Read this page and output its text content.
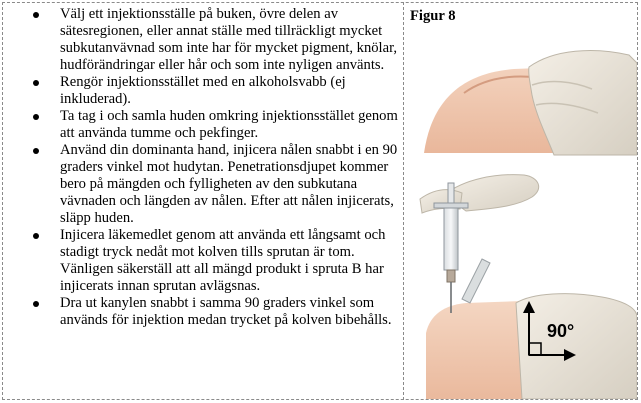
Välj ett injektionsställe på buken, övre delen av sätesregionen, eller annat ställe med tillräckligt mycket subkutanvävnad som inte har för mycket pigment, knölar, hudförändringar eller hår och som inte nyligen använts.
Rengör injektionsstället med en alkoholsvabb (ej inkluderad).
Ta tag i och samla huden omkring injektionsstället genom att använda tumme och pekfinger.
Använd din dominanta hand, injicera nålen snabbt i en 90 graders vinkel mot hudytan. Penetrationsdjupet kommer bero på mängden och fylligheten av den subkutana vävnaden och längden av nålen. Efter att nålen injicerats, släpp huden.
Injicera läkemedlet genom att använda ett långsamt och stadigt tryck nedåt mot kolven tills sprutan är tom. Vänligen säkerställ att all mängd produkt i spruta B har injicerats innan sprutan avlägsnas.
Dra ut kanylen snabbt i samma 90 graders vinkel som används för injektion medan trycket på kolven bibehålls.
Figur 8
90°
